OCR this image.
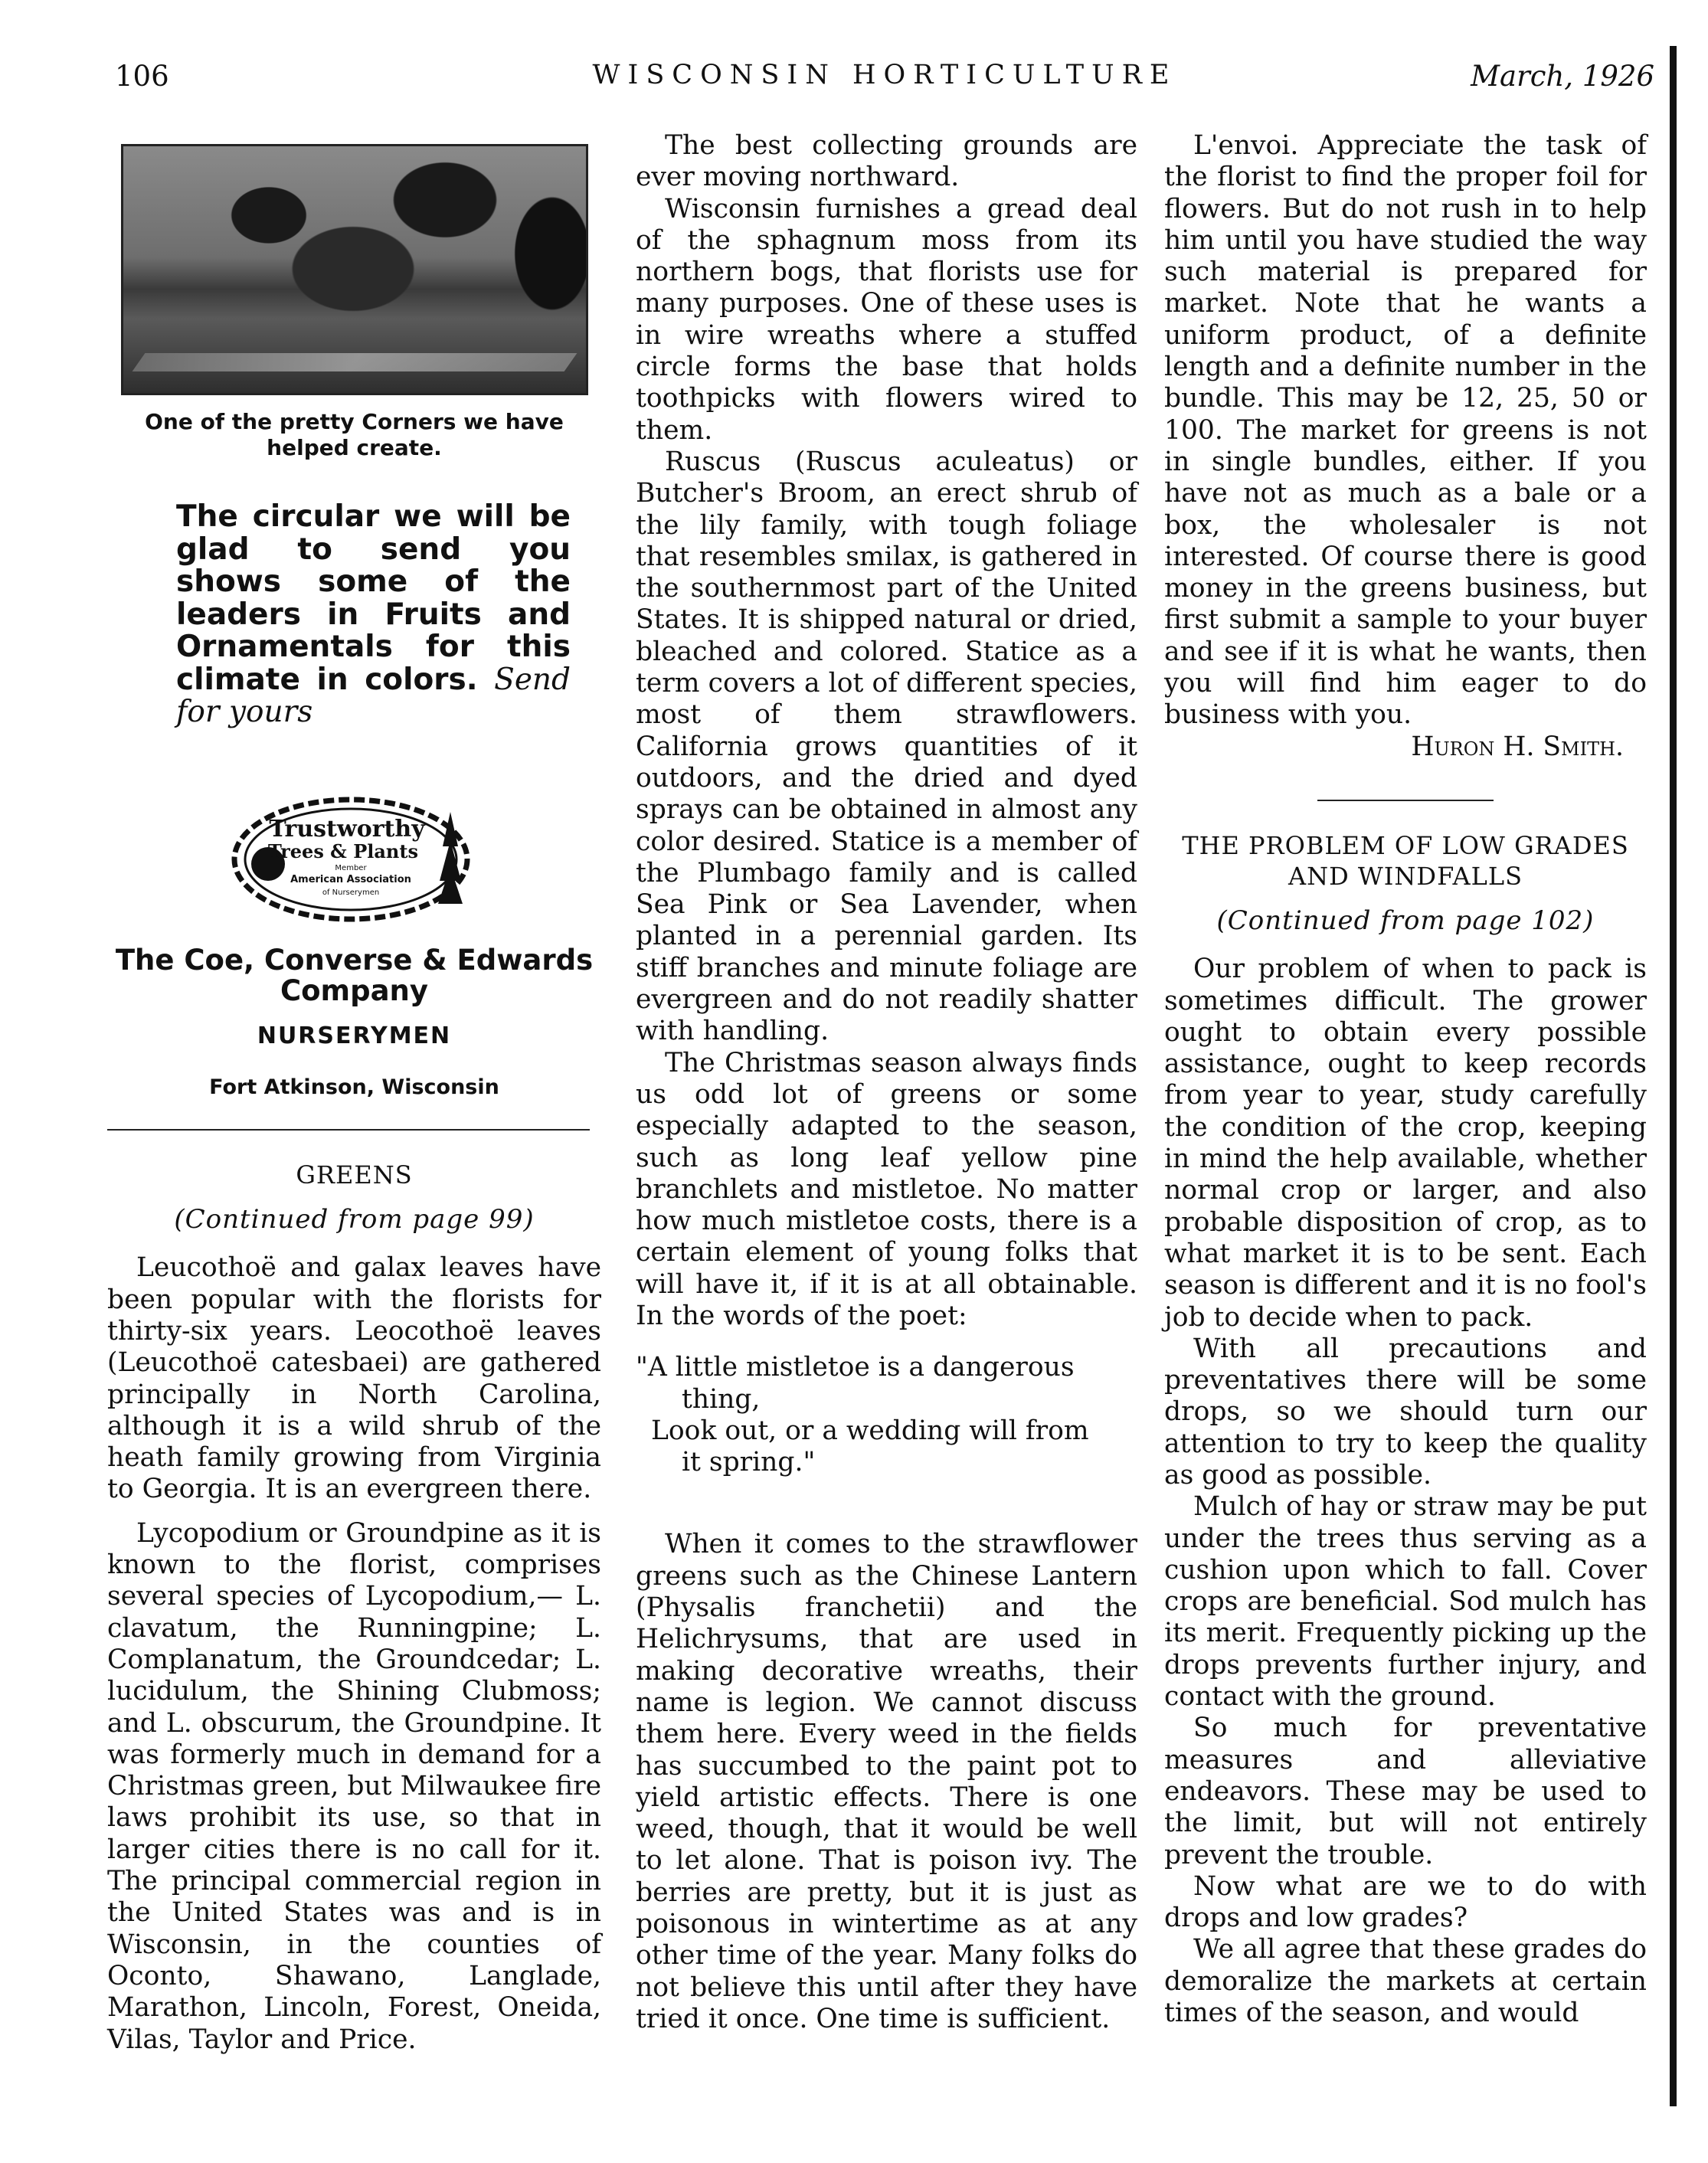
106	WISCONSIN HORTICULTURE	March, 1926
One of the pretty Corners we have helped create.
The circular we will be glad to send you shows some of the leaders in Fruits and Ornamentals for this climate in colors. Send for yours
Trustworthy
Trees & Plants
Member
American Association
of Nurserymen
The Coe, Converse & Edwards Company
NURSERYMEN
Fort Atkinson, Wisconsin
GREENS
(Continued from page 99)

Leucothoë and galax leaves have been popular with the florists for thirty-six years. Leocothoë leaves (Leucothoë catesbaei) are gathered principally in North Carolina, although it is a wild shrub of the heath family growing from Virginia to Georgia. It is an evergreen there.

Lycopodium or Groundpine as it is known to the florist, comprises several species of Lycopodium,— L. clavatum, the Runningpine; L. Complanatum, the Groundcedar; L. lucidulum, the Shining Clubmoss; and L. obscurum, the Groundpine. It was formerly much in demand for a Christmas green, but Milwaukee fire laws prohibit its use, so that in larger cities there is no call for it. The principal commercial region in the United States was and is in Wisconsin, in the counties of Oconto, Shawano, Langlade, Marathon, Lincoln, Forest, Oneida, Vilas, Taylor and Price.

The best collecting grounds are ever moving northward.

Wisconsin furnishes a gread deal of the sphagnum moss from its northern bogs, that florists use for many purposes. One of these uses is in wire wreaths where a stuffed circle forms the base that holds toothpicks with flowers wired to them.

Ruscus (Ruscus aculeatus) or Butcher's Broom, an erect shrub of the lily family, with tough foliage that resembles smilax, is gathered in the southernmost part of the United States. It is shipped natural or dried, bleached and colored. Statice as a term covers a lot of different species, most of them strawflowers. California grows quantities of it outdoors, and the dried and dyed sprays can be obtained in almost any color desired. Statice is a member of the Plumbago family and is called Sea Pink or Sea Lavender, when planted in a perennial garden. Its stiff branches and minute foliage are evergreen and do not readily shatter with handling.

The Christmas season always finds us odd lot of greens or some especially adapted to the season, such as long leaf yellow pine branchlets and mistletoe. No matter how much mistletoe costs, there is a certain element of young folks that will have it, if it is at all obtainable. In the words of the poet:

"A little mistletoe is a dangerous

thing,

Look out, or a wedding will from

it spring."

When it comes to the strawflower greens such as the Chinese Lantern (Physalis franchetii) and the Helichrysums, that are used in making decorative wreaths, their name is legion. We cannot discuss them here. Every weed in the fields has succumbed to the paint pot to yield artistic effects. There is one weed, though, that it would be well to let alone. That is poison ivy. The berries are pretty, but it is just as poisonous in wintertime as at any other time of the year. Many folks do not believe this until after they have tried it once. One time is sufficient.

L'envoi. Appreciate the task of the florist to find the proper foil for flowers. But do not rush in to help him until you have studied the way such material is prepared for market. Note that he wants a uniform product, of a definite length and a definite number in the bundle. This may be 12, 25, 50 or 100. The market for greens is not in single bundles, either. If you have not as much as a bale or a box, the wholesaler is not interested. Of course there is good money in the greens business, but first submit a sample to your buyer and see if it is what he wants, then you will find him eager to do business with you.

Huron H. Smith.
THE PROBLEM OF LOW GRADES AND WINDFALLS
(Continued from page 102)

Our problem of when to pack is sometimes difficult. The grower ought to obtain every possible assistance, ought to keep records from year to year, study carefully the condition of the crop, keeping in mind the help available, whether normal crop or larger, and also probable disposition of crop, as to what market it is to be sent. Each season is different and it is no fool's job to decide when to pack.

With all precautions and preventatives there will be some drops, so we should turn our attention to try to keep the quality as good as possible.

Mulch of hay or straw may be put under the trees thus serving as a cushion upon which to fall. Cover crops are beneficial. Sod mulch has its merit. Frequently picking up the drops prevents further injury, and contact with the ground.

So much for preventative measures and alleviative endeavors. These may be used to the limit, but will not entirely prevent the trouble.

Now what are we to do with drops and low grades?

We all agree that these grades do demoralize the markets at certain times of the season, and would
